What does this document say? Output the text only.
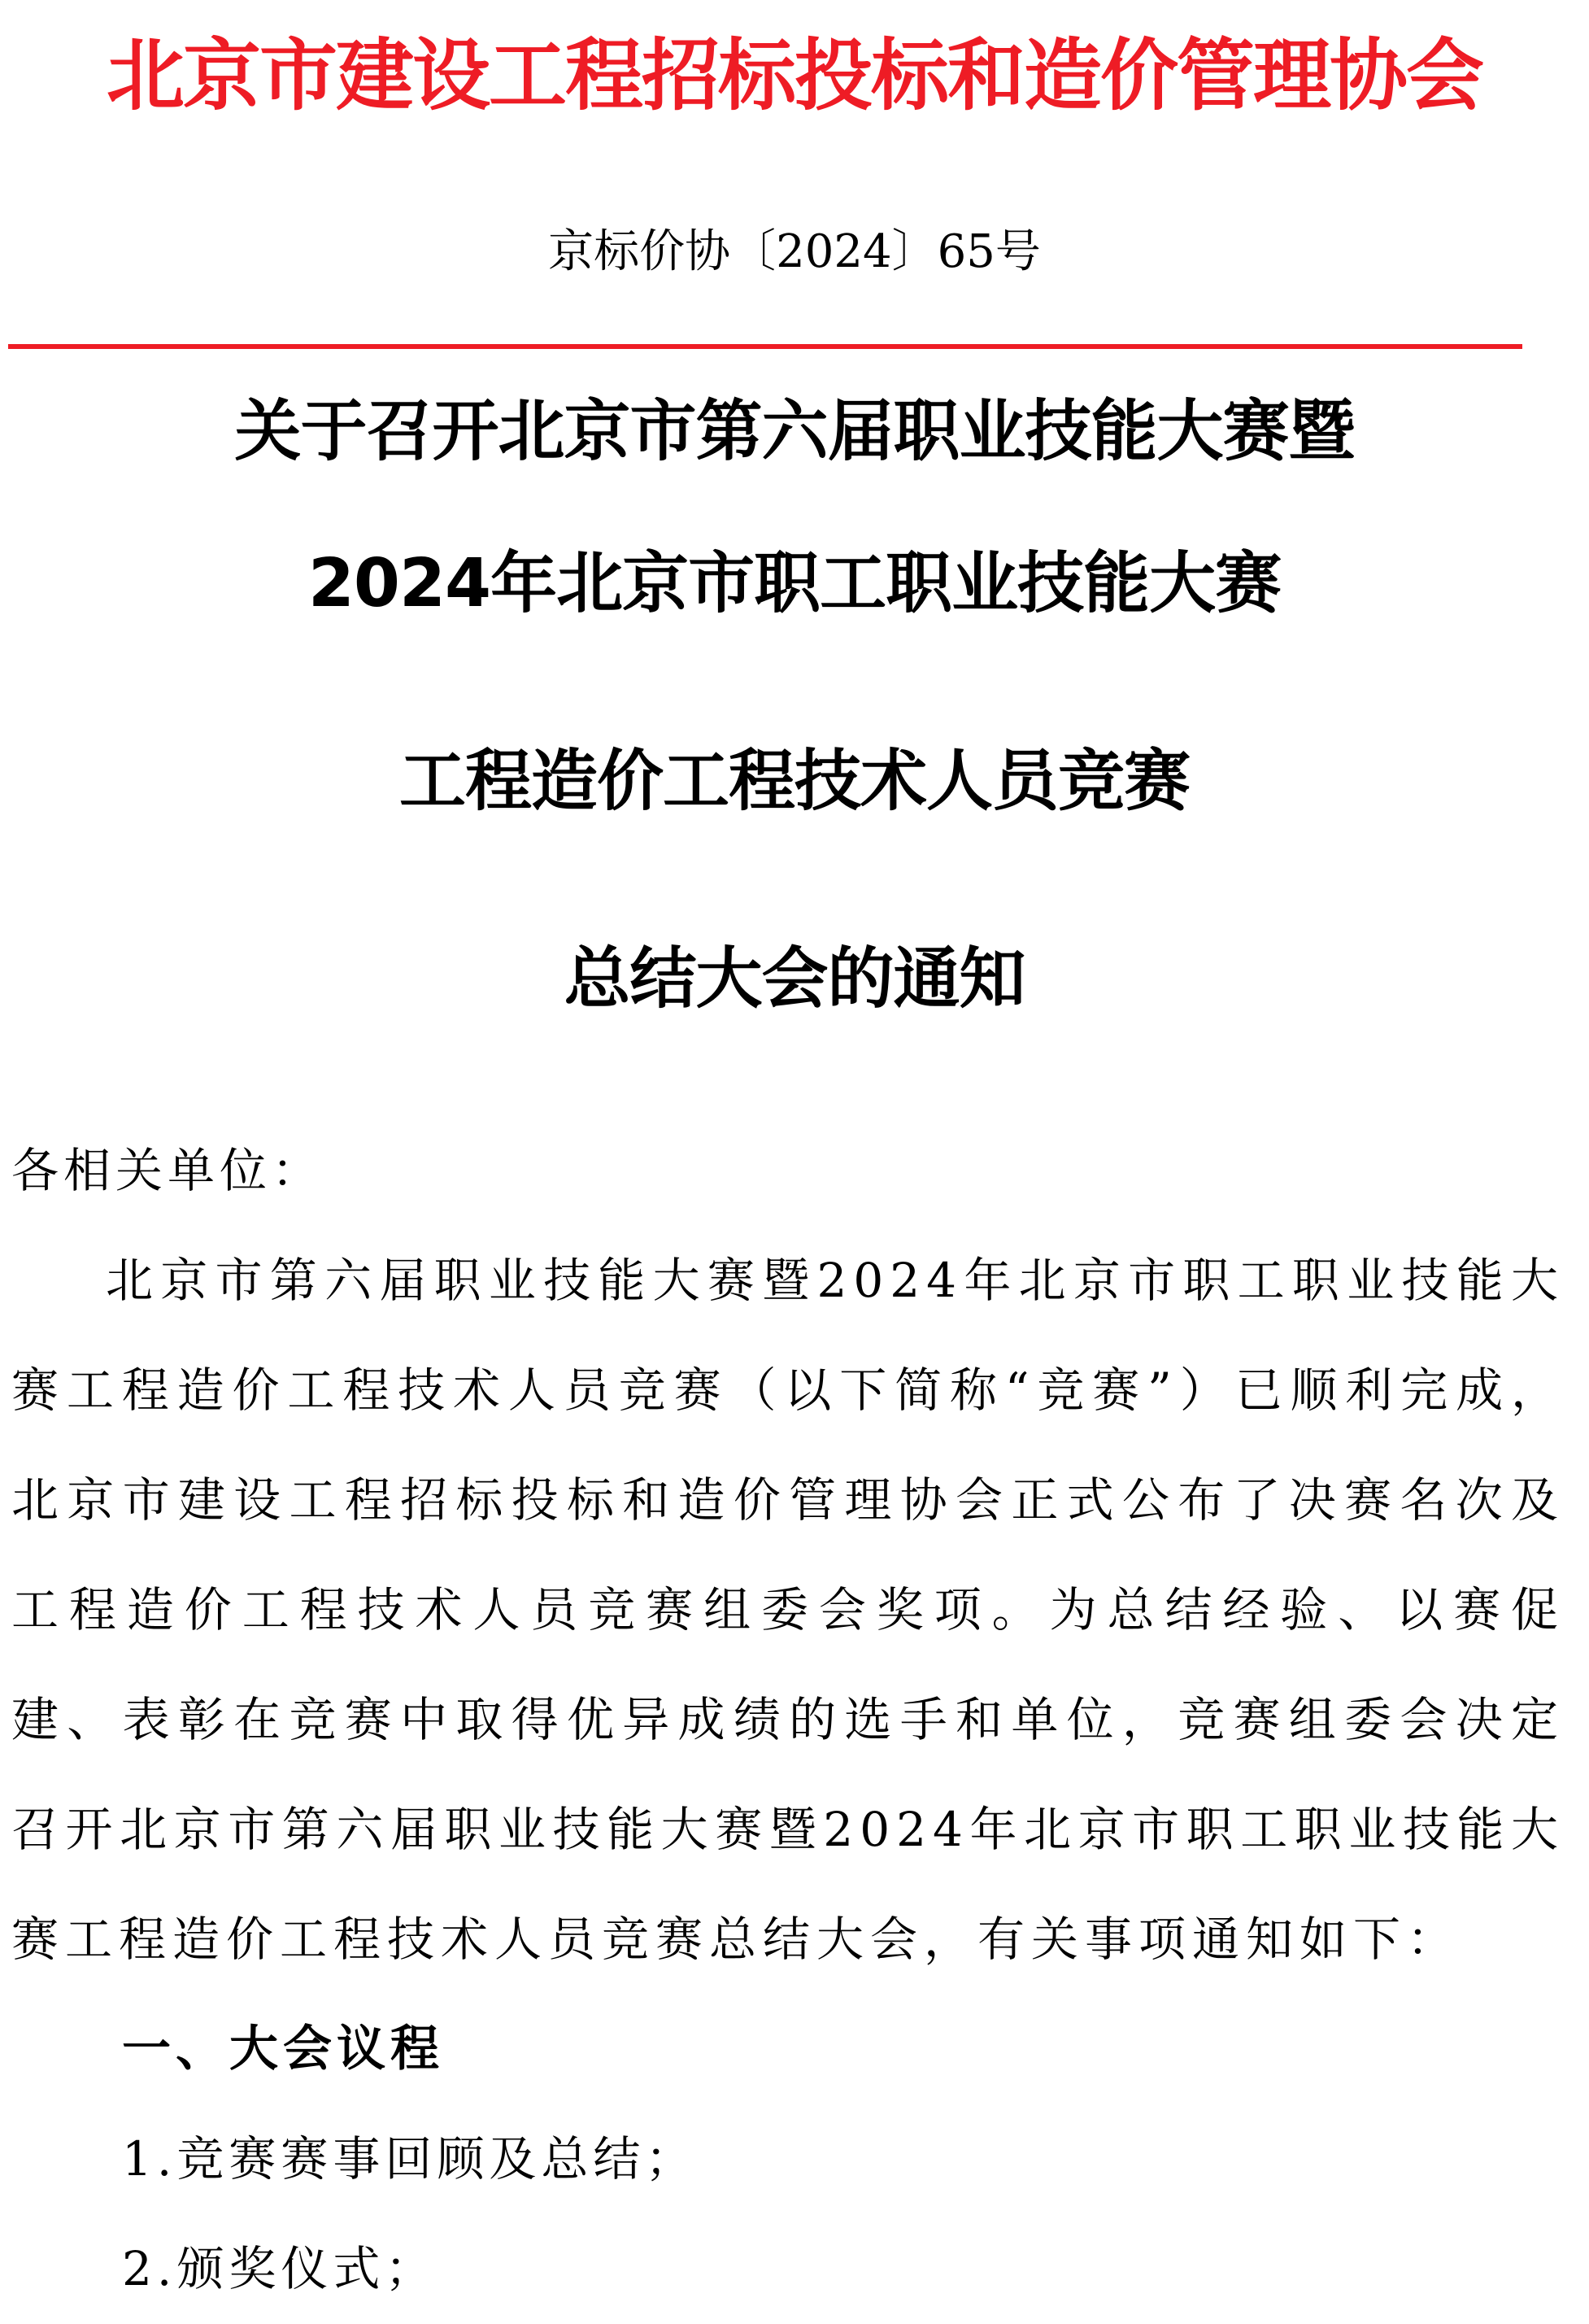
北京市建设工程招标投标和造价管理协会
京标价协〔2024〕65号
关于召开北京市第六届职业技能大赛暨
2024年北京市职工职业技能大赛
工程造价工程技术人员竞赛
总结大会的通知
各相关单位：

北京市第六届职业技能大赛暨2024年北京市职工职业技能大赛工程造价工程技术人员竞赛（以下简称“竞赛”）已顺利完成，北京市建设工程招标投标和造价管理协会正式公布了决赛名次及工程造价工程技术人员竞赛组委会奖项。为总结经验、以赛促建、表彰在竞赛中取得优异成绩的选手和单位，竞赛组委会决定召开北京市第六届职业技能大赛暨2024年北京市职工职业技能大赛工程造价工程技术人员竞赛总结大会，有关事项通知如下：

一、大会议程
1.竞赛赛事回顾及总结；
2.颁奖仪式；
